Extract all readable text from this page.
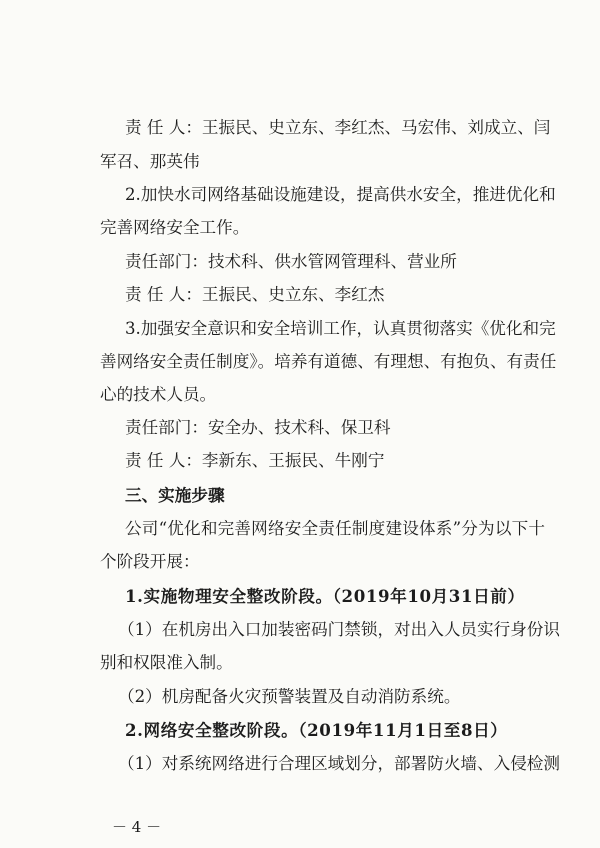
责 任 人：王振民、史立东、李红杰、马宏伟、刘成立、闫
军召、那英伟
2.加快水司网络基础设施建设，提高供水安全，推进优化和
完善网络安全工作。
责任部门：技术科、供水管网管理科、营业所
责 任 人：王振民、史立东、李红杰
3.加强安全意识和安全培训工作，认真贯彻落实《优化和完
善网络安全责任制度》。培养有道德、有理想、有抱负、有责任
心的技术人员。
责任部门：安全办、技术科、保卫科
责 任 人：李新东、王振民、牛刚宁
三、实施步骤
公司“优化和完善网络安全责任制度建设体系”分为以下十
个阶段开展：
1.实施物理安全整改阶段。（2019年10月31日前）
（1）在机房出入口加装密码门禁锁，对出入人员实行身份识
别和权限准入制。
（2）机房配备火灾预警装置及自动消防系统。
2.网络安全整改阶段。（2019年11月1日至8日）
（1）对系统网络进行合理区域划分，部署防火墙、入侵检测
－ 4 －
